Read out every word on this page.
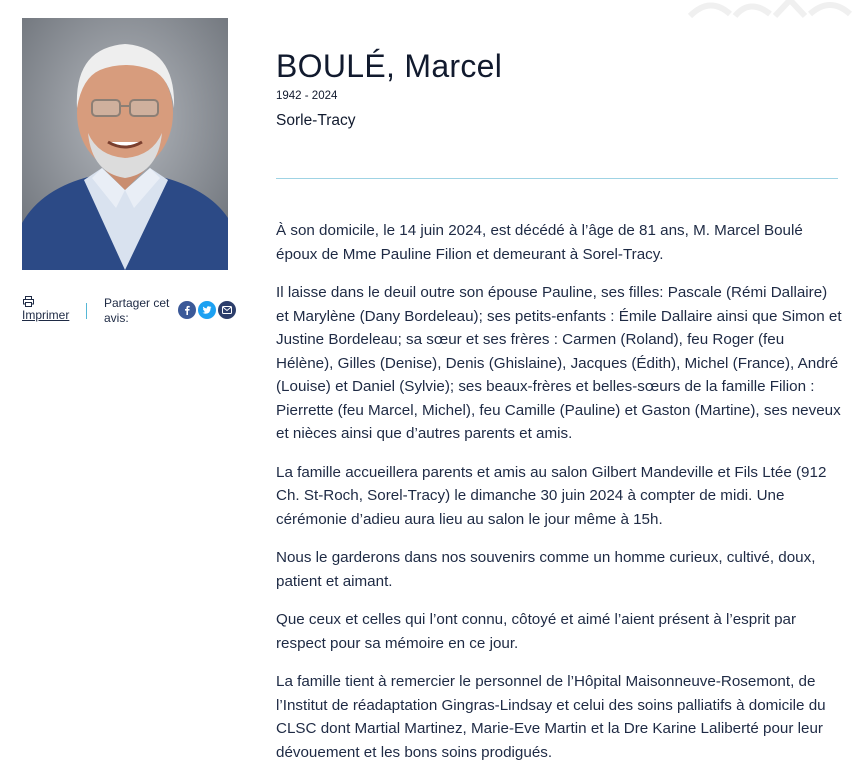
Imprimer
Partager cet avis:
BOULÉ, Marcel
1942 - 2024
Sorle-Tracy

À son domicile, le 14 juin 2024, est décédé à l’âge de 81 ans, M. Marcel Boulé époux de Mme Pauline Filion et demeurant à Sorel-Tracy.

Il laisse dans le deuil outre son épouse Pauline, ses filles: Pascale (Rémi Dallaire) et Marylène (Dany Bordeleau); ses petits-enfants : Émile Dallaire ainsi que Simon et Justine Bordeleau; sa sœur et ses frères : Carmen (Roland), feu Roger (feu Hélène), Gilles (Denise), Denis (Ghislaine), Jacques (Édith), Michel (France), André (Louise) et Daniel (Sylvie); ses beaux-frères et belles-sœurs de la famille Filion : Pierrette (feu Marcel, Michel), feu Camille (Pauline) et Gaston (Martine), ses neveux et nièces ainsi que d’autres parents et amis.

La famille accueillera parents et amis au salon Gilbert Mandeville et Fils Ltée (912 Ch. St-Roch, Sorel-Tracy) le dimanche 30 juin 2024 à compter de midi. Une cérémonie d’adieu aura lieu au salon le jour même à 15h.

Nous le garderons dans nos souvenirs comme un homme curieux, cultivé, doux, patient et aimant.

Que ceux et celles qui l’ont connu, côtoyé et aimé l’aient présent à l’esprit par respect pour sa mémoire en ce jour.

La famille tient à remercier le personnel de l’Hôpital Maisonneuve-Rosemont, de l’Institut de réadaptation Gingras-Lindsay et celui des soins palliatifs à domicile du CLSC dont Martial Martinez, Marie-Eve Martin et la Dre Karine Laliberté pour leur dévouement et les bons soins prodigués.
